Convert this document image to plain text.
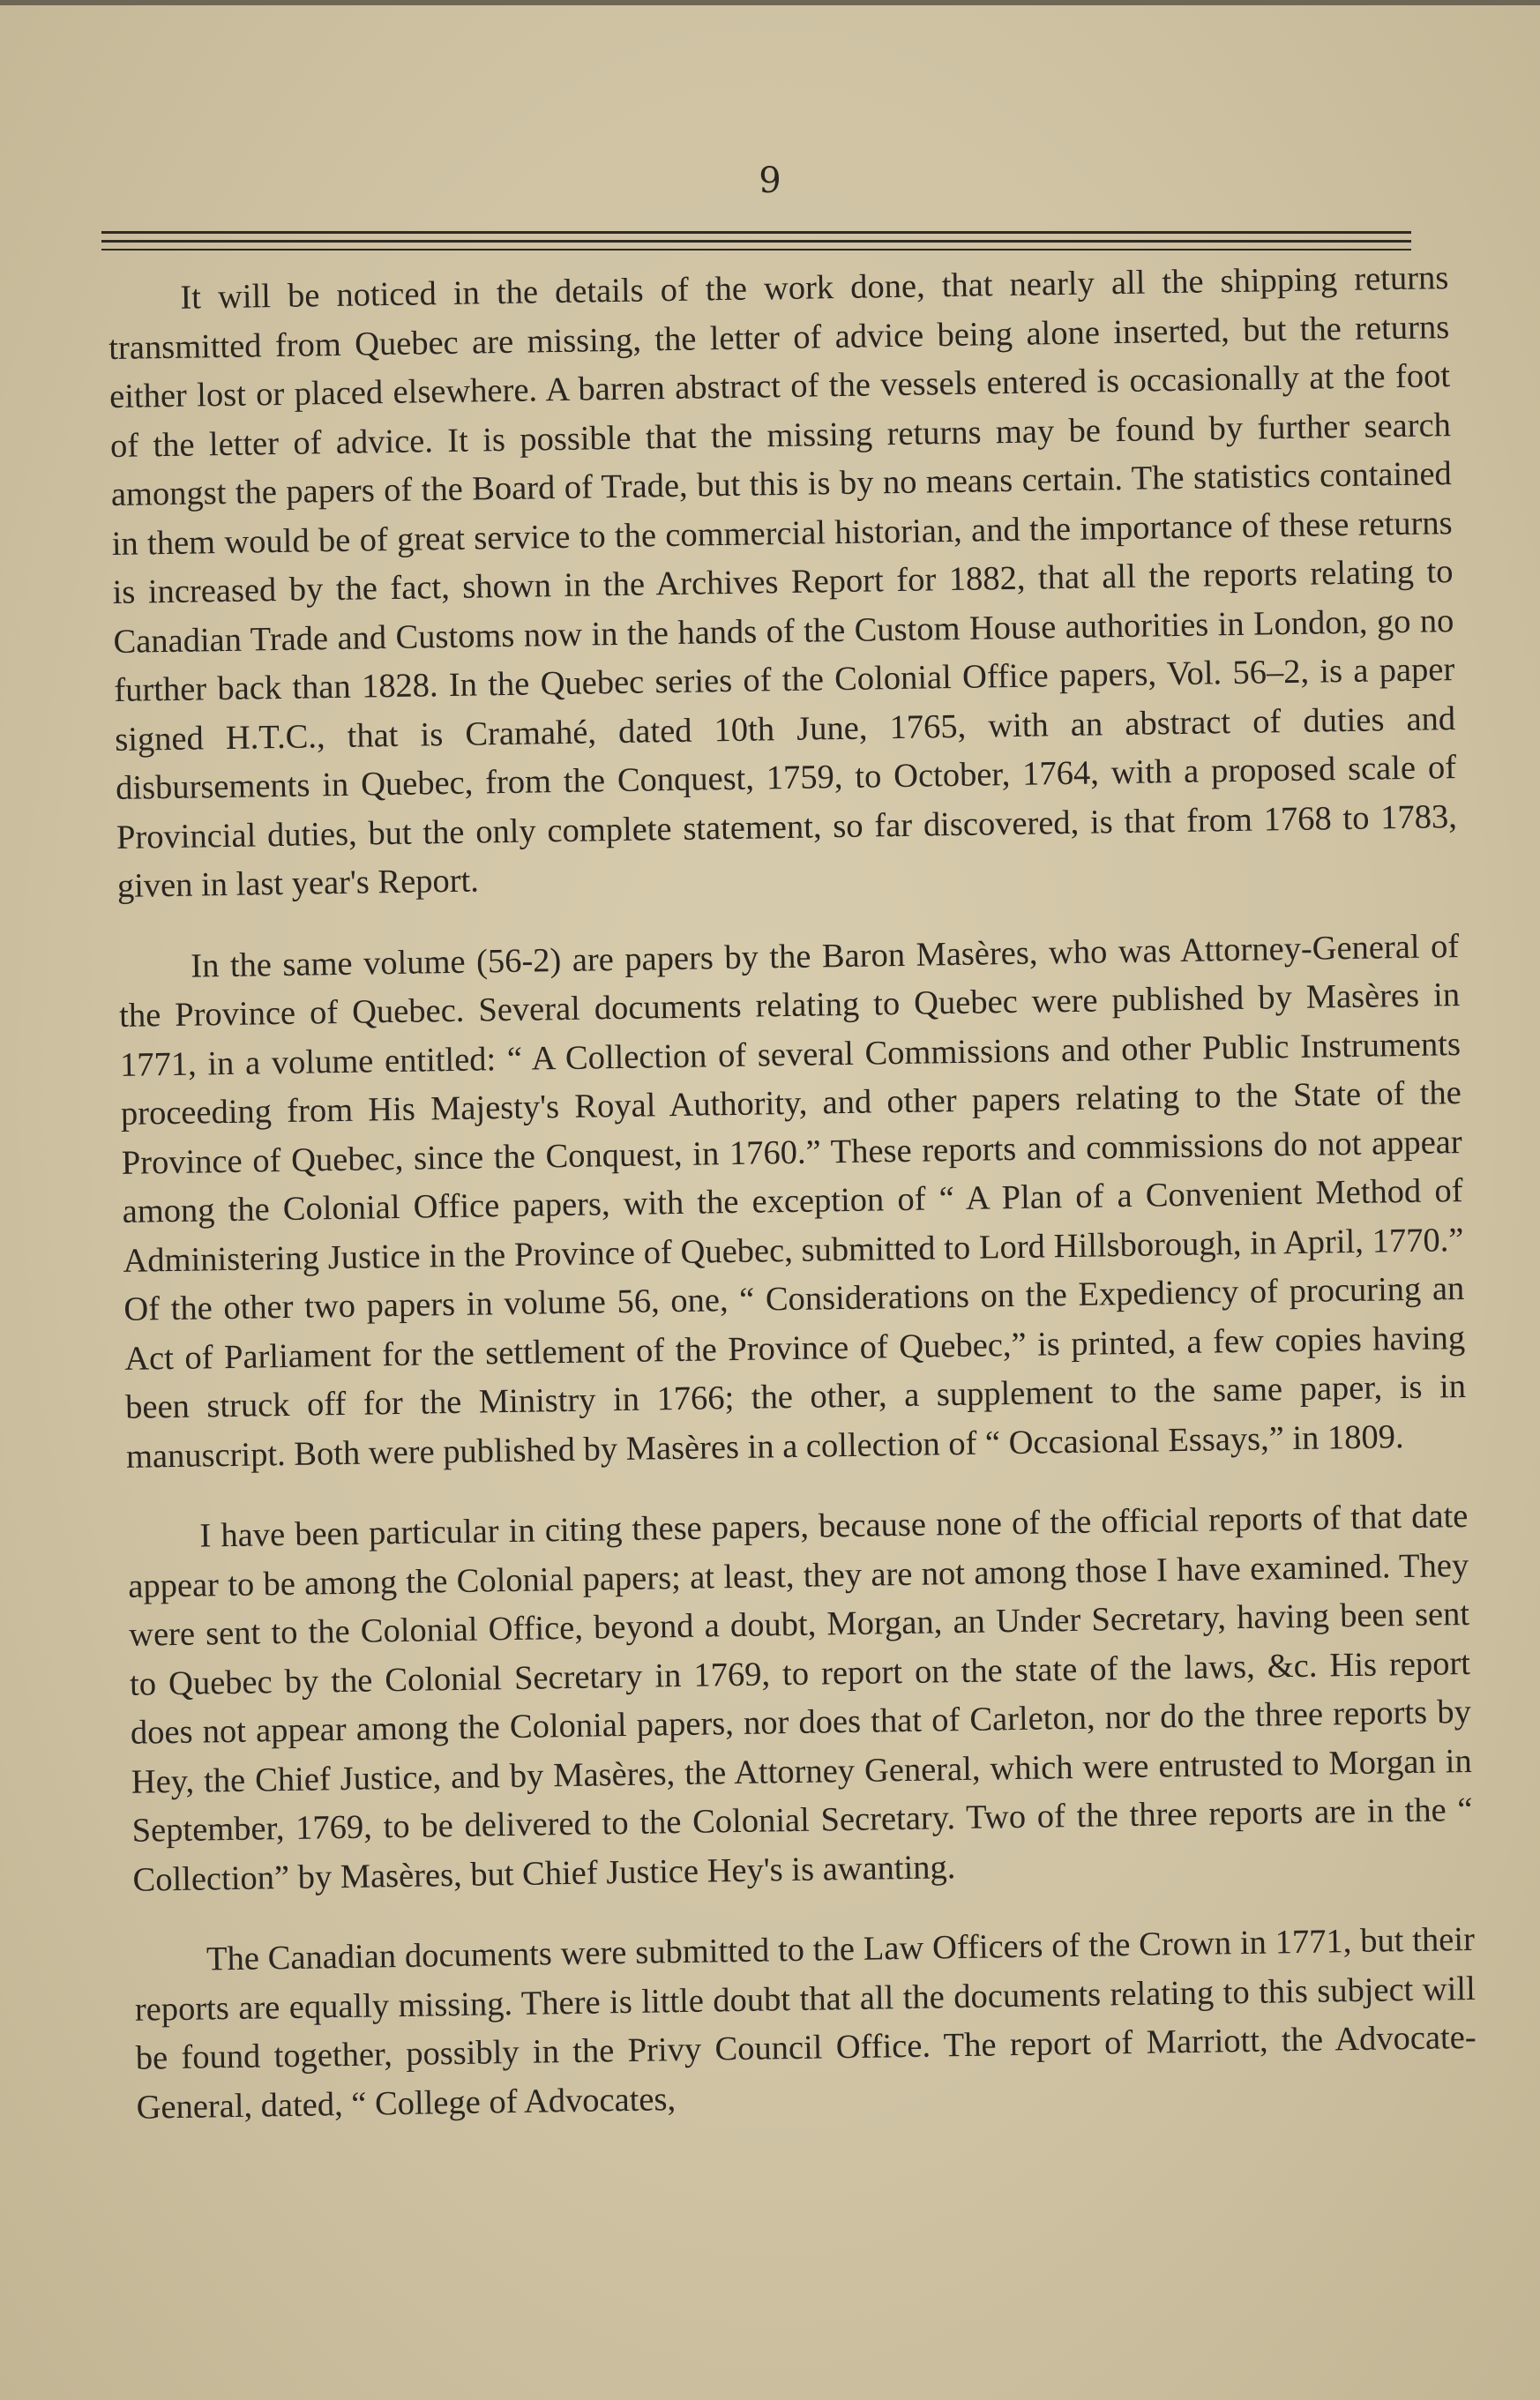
9

It will be noticed in the details of the work done, that nearly all the shipping returns transmitted from Quebec are missing, the letter of advice being alone inserted, but the returns either lost or placed elsewhere. A barren abstract of the vessels entered is occasionally at the foot of the letter of advice. It is possible that the missing returns may be found by further search amongst the papers of the Board of Trade, but this is by no means certain. The statistics contained in them would be of great service to the commercial historian, and the importance of these returns is increased by the fact, shown in the Archives Report for 1882, that all the reports relating to Canadian Trade and Customs now in the hands of the Custom House authorities in London, go no further back than 1828. In the Quebec series of the Colonial Office papers, Vol. 56–2, is a paper signed H.T.C., that is Cramahé, dated 10th June, 1765, with an abstract of duties and disbursements in Quebec, from the Conquest, 1759, to October, 1764, with a proposed scale of Provincial duties, but the only complete statement, so far discovered, is that from 1768 to 1783, given in last year's Report.

In the same volume (56-2) are papers by the Baron Masères, who was Attorney-General of the Province of Quebec. Several documents relating to Quebec were published by Masères in 1771, in a volume entitled: “ A Collection of several Commissions and other Public Instruments proceeding from His Majesty's Royal Authority, and other papers relating to the State of the Province of Quebec, since the Conquest, in 1760.” These reports and commissions do not appear among the Colonial Office papers, with the exception of “ A Plan of a Convenient Method of Administering Justice in the Province of Quebec, submitted to Lord Hillsborough, in April, 1770.” Of the other two papers in volume 56, one, “ Considerations on the Expediency of procuring an Act of Parliament for the settlement of the Province of Quebec,” is printed, a few copies having been struck off for the Ministry in 1766; the other, a supplement to the same paper, is in manuscript. Both were published by Masères in a collection of “ Occasional Essays,” in 1809.

I have been particular in citing these papers, because none of the official reports of that date appear to be among the Colonial papers; at least, they are not among those I have examined. They were sent to the Colonial Office, beyond a doubt, Morgan, an Under Secretary, having been sent to Quebec by the Colonial Secretary in 1769, to report on the state of the laws, &c. His report does not appear among the Colonial papers, nor does that of Carleton, nor do the three reports by Hey, the Chief Justice, and by Masères, the Attorney General, which were entrusted to Morgan in September, 1769, to be delivered to the Colonial Secretary. Two of the three reports are in the “ Collection” by Masères, but Chief Justice Hey's is awanting.

The Canadian documents were submitted to the Law Officers of the Crown in 1771, but their reports are equally missing. There is little doubt that all the documents relating to this subject will be found together, possibly in the Privy Council Office. The report of Marriott, the Advocate-General, dated, “ College of Advocates,
